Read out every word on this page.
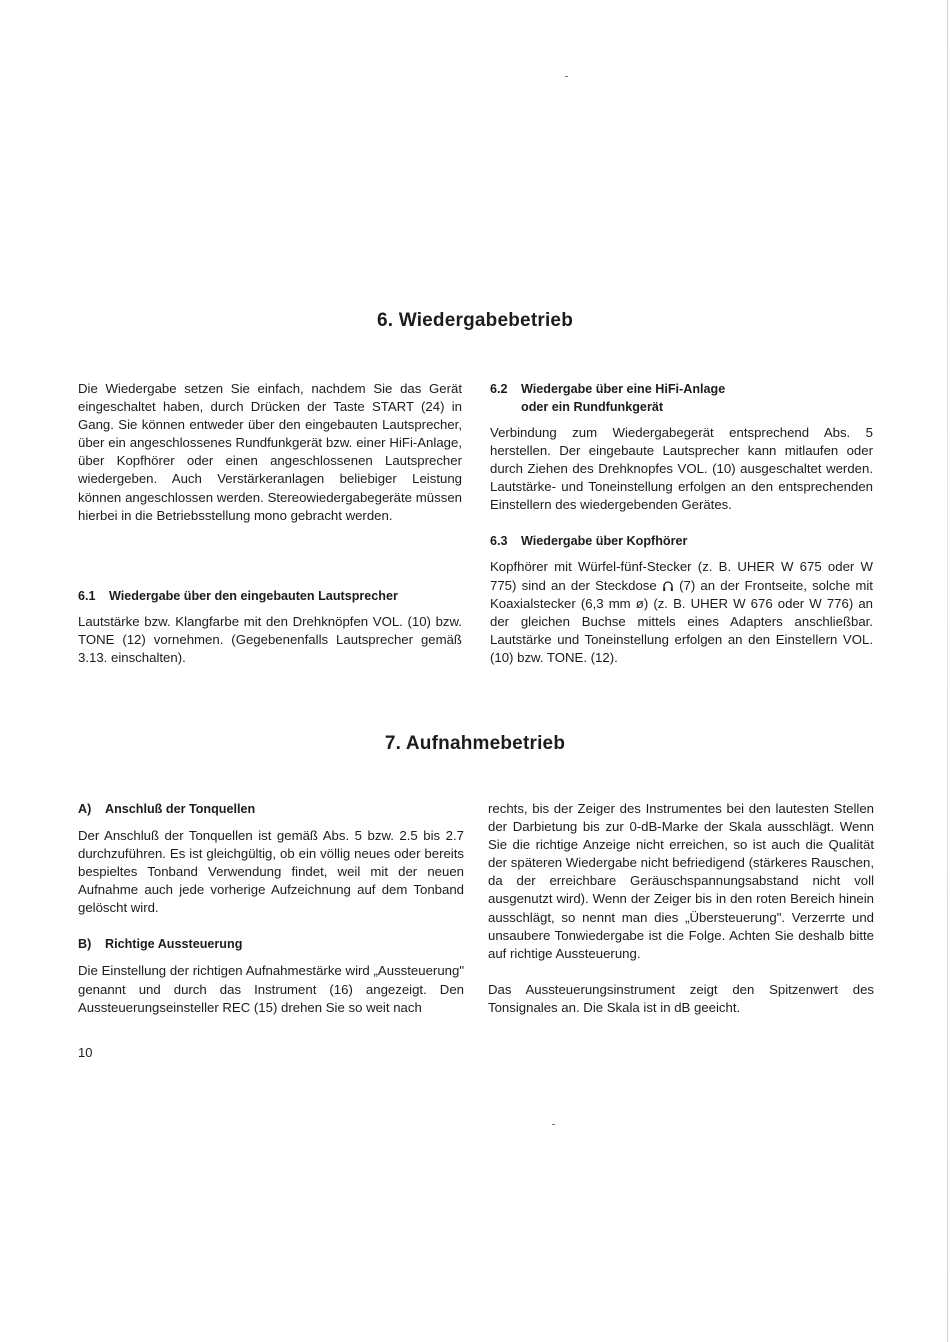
6. Wiedergabebetrieb

Die Wiedergabe setzen Sie einfach, nachdem Sie das Gerät eingeschaltet haben, durch Drücken der Taste START (24) in Gang. Sie können entweder über den eingebauten Lautsprecher, über ein angeschlossenes Rundfunkgerät bzw. einer HiFi-Anlage, über Kopfhörer oder einen angeschlossenen Lautsprecher wiedergeben. Auch Verstärkeranlagen beliebiger Leistung können angeschlossen werden. Stereowiedergabegeräte müssen hierbei in die Betriebsstellung mono gebracht werden.

6.1 Wiedergabe über den eingebauten Lautsprecher

Lautstärke bzw. Klangfarbe mit den Drehknöpfen VOL. (10) bzw. TONE (12) vornehmen. (Gegebenenfalls Lautsprecher gemäß 3.13. einschalten).

6.2 Wiedergabe über eine HiFi-Anlage
oder ein Rundfunkgerät

Verbindung zum Wiedergabegerät entsprechend Abs. 5 herstellen. Der eingebaute Lautsprecher kann mitlaufen oder durch Ziehen des Drehknopfes VOL. (10) ausgeschaltet werden. Lautstärke- und Toneinstellung erfolgen an den entsprechenden Einstellern des wiedergebenden Gerätes.

6.3 Wiedergabe über Kopfhörer

Kopfhörer mit Würfel-fünf-Stecker (z. B. UHER W 675 oder W 775) sind an der Steckdose (7) an der Frontseite, solche mit Koaxialstecker (6,3 mm ø) (z. B. UHER W 676 oder W 776) an der gleichen Buchse mittels eines Adapters anschließbar. Lautstärke und Toneinstellung erfolgen an den Einstellern VOL. (10) bzw. TONE. (12).

7. Aufnahmebetrieb
A) Anschluß der Tonquellen

Der Anschluß der Tonquellen ist gemäß Abs. 5 bzw. 2.5 bis 2.7 durchzuführen. Es ist gleichgültig, ob ein völlig neues oder bereits bespieltes Tonband Verwendung findet, weil mit der neuen Aufnahme auch jede vorherige Aufzeichnung auf dem Tonband gelöscht wird.

B) Richtige Aussteuerung

Die Einstellung der richtigen Aufnahmestärke wird „Aussteuerung" genannt und durch das Instrument (16) angezeigt. Den Aussteuerungseinsteller REC (15) drehen Sie so weit nach

rechts, bis der Zeiger des Instrumentes bei den lautesten Stellen der Darbietung bis zur 0-dB-Marke der Skala ausschlägt. Wenn Sie die richtige Anzeige nicht erreichen, so ist auch die Qualität der späteren Wiedergabe nicht befriedigend (stärkeres Rauschen, da der erreichbare Geräuschspannungsabstand nicht voll ausgenutzt wird). Wenn der Zeiger bis in den roten Bereich hinein ausschlägt, so nennt man dies „Übersteuerung". Verzerrte und unsaubere Tonwiedergabe ist die Folge. Achten Sie deshalb bitte auf richtige Aussteuerung.

Das Aussteuerungsinstrument zeigt den Spitzenwert des Tonsignales an. Die Skala ist in dB geeicht.

10
